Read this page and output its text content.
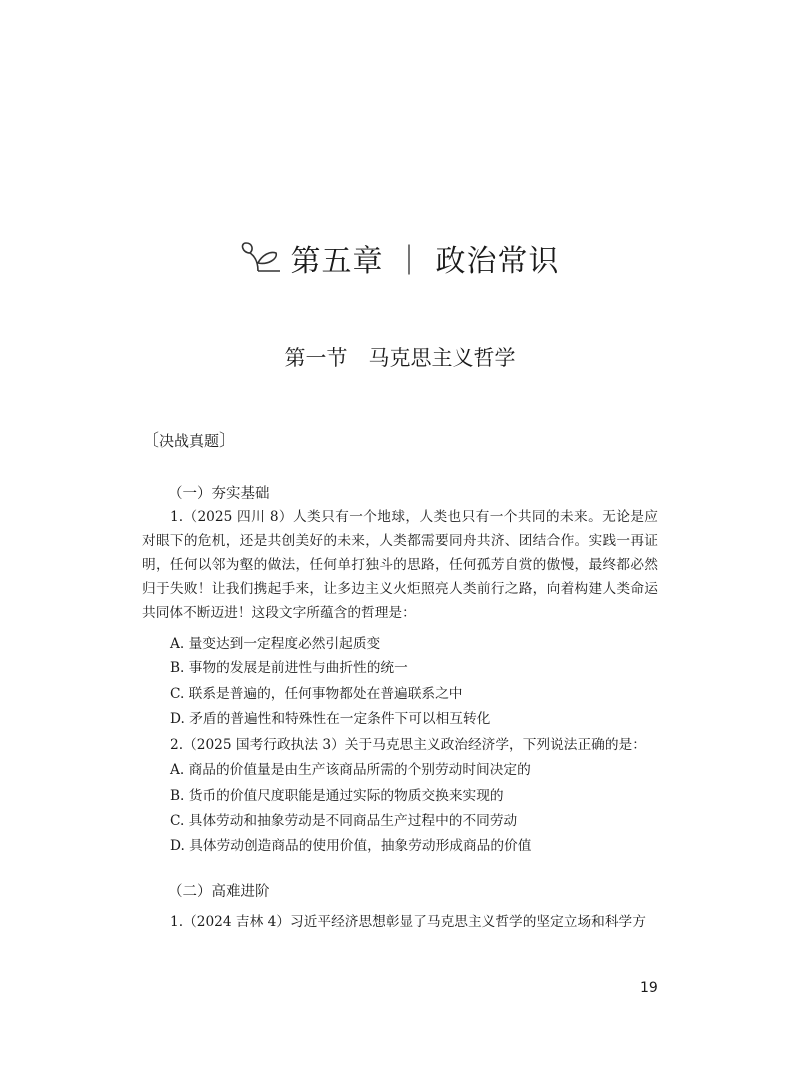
第五章 ｜ 政治常识
第一节　马克思主义哲学
〔决战真题〕
（一）夯实基础
1.（2025 四川 8）人类只有一个地球，人类也只有一个共同的未来。无论是应对眼下的危机，还是共创美好的未来，人类都需要同舟共济、团结合作。实践一再证明，任何以邻为壑的做法，任何单打独斗的思路，任何孤芳自赏的傲慢，最终都必然归于失败！让我们携起手来，让多边主义火炬照亮人类前行之路，向着构建人类命运共同体不断迈进！这段文字所蕴含的哲理是：
A. 量变达到一定程度必然引起质变
B. 事物的发展是前进性与曲折性的统一
C. 联系是普遍的，任何事物都处在普遍联系之中
D. 矛盾的普遍性和特殊性在一定条件下可以相互转化
2.（2025 国考行政执法 3）关于马克思主义政治经济学，下列说法正确的是：
A. 商品的价值量是由生产该商品所需的个别劳动时间决定的
B. 货币的价值尺度职能是通过实际的物质交换来实现的
C. 具体劳动和抽象劳动是不同商品生产过程中的不同劳动
D. 具体劳动创造商品的使用价值，抽象劳动形成商品的价值
（二）高难进阶
1.（2024 吉林 4）习近平经济思想彰显了马克思主义哲学的坚定立场和科学方
19
